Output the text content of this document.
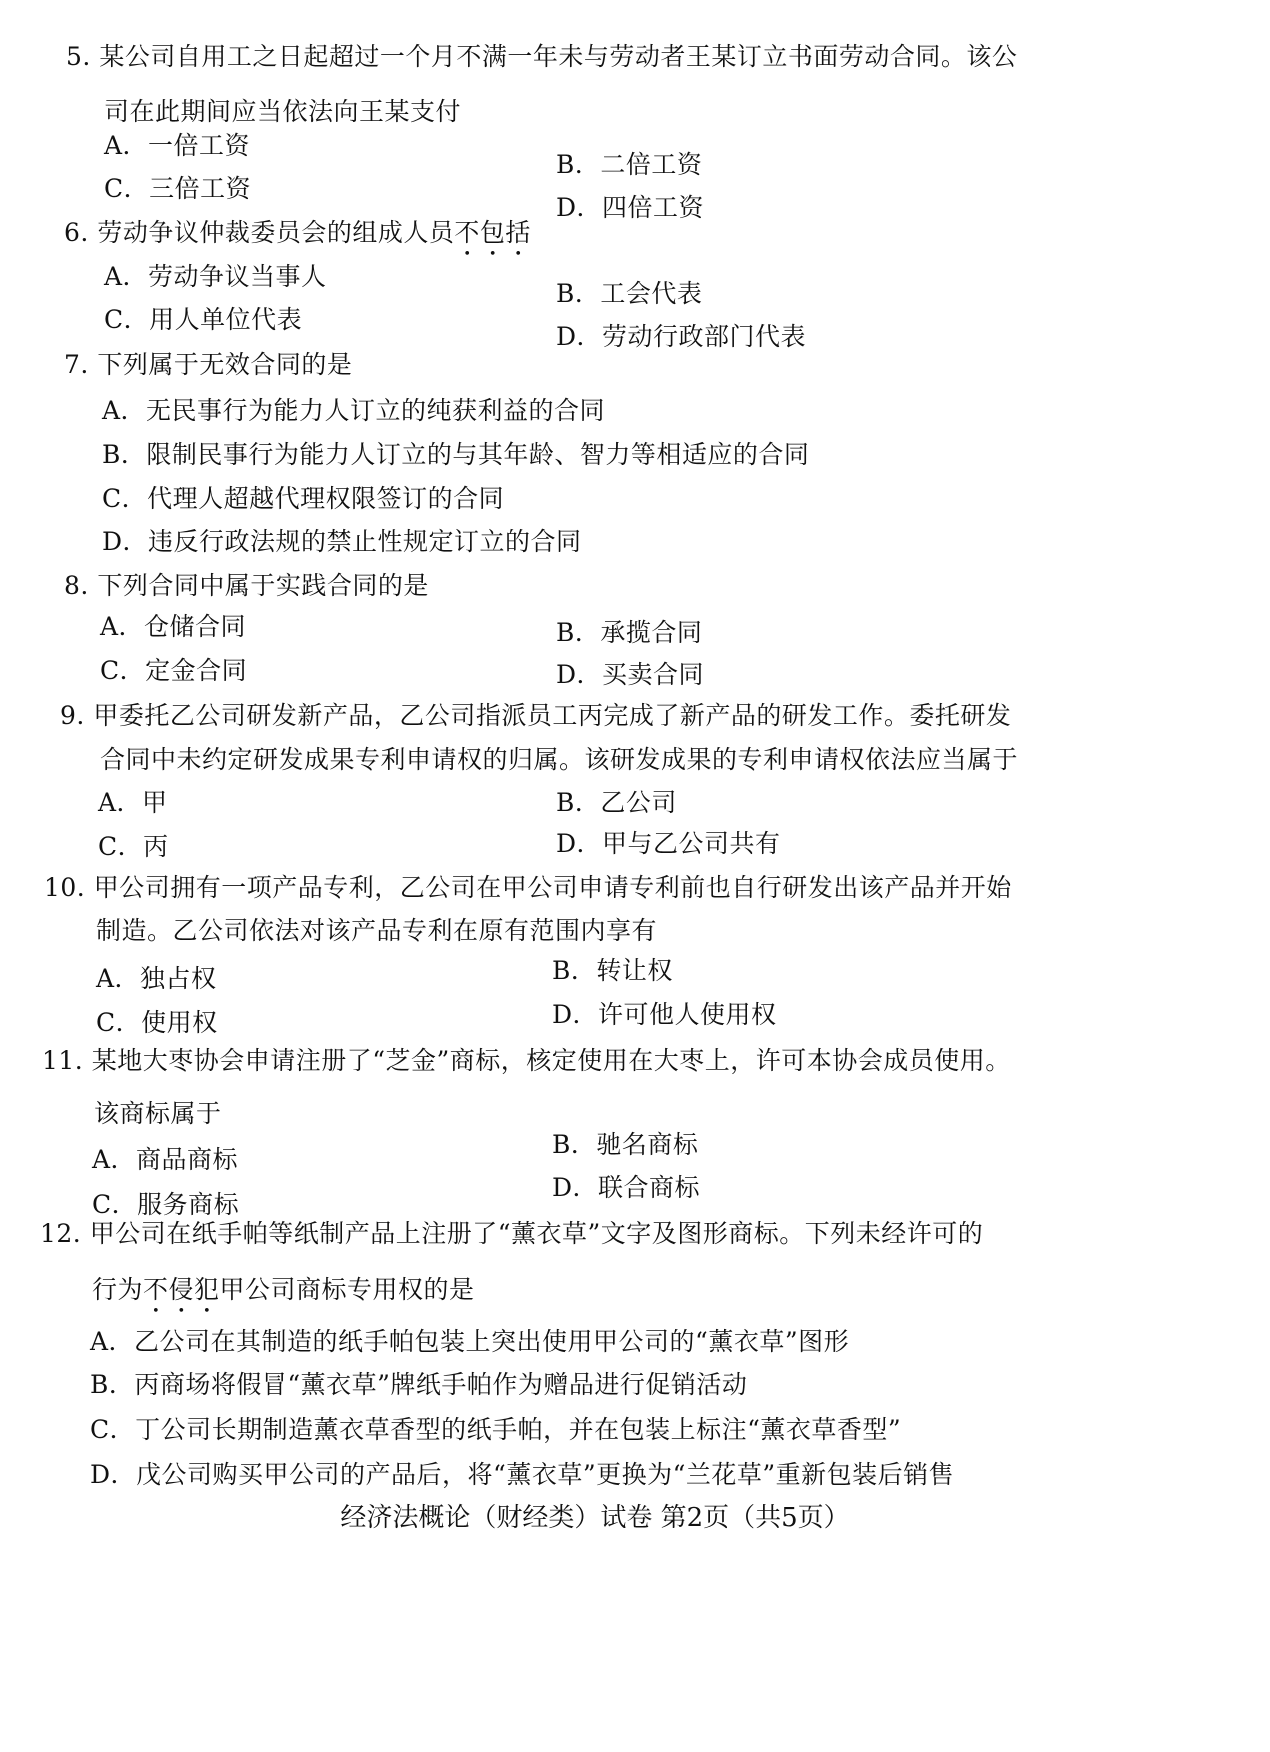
5. 某公司自用工之日起超过一个月不满一年未与劳动者王某订立书面劳动合同。该公
司在此期间应当依法向王某支付
A．一倍工资
B．二倍工资
C．三倍工资
D．四倍工资
6. 劳动争议仲裁委员会的组成人员不包括
A．劳动争议当事人
B．工会代表
C．用人单位代表
D．劳动行政部门代表
7. 下列属于无效合同的是
A．无民事行为能力人订立的纯获利益的合同
B．限制民事行为能力人订立的与其年龄、智力等相适应的合同
C．代理人超越代理权限签订的合同
D．违反行政法规的禁止性规定订立的合同
8. 下列合同中属于实践合同的是
A．仓储合同	B．承揽合同
C．定金合同	D．买卖合同
9. 甲委托乙公司研发新产品，乙公司指派员工丙完成了新产品的研发工作。委托研发
合同中未约定研发成果专利申请权的归属。该研发成果的专利申请权依法应当属于
A．甲	B．乙公司
C．丙	D．甲与乙公司共有
10. 甲公司拥有一项产品专利，乙公司在甲公司申请专利前也自行研发出该产品并开始
制造。乙公司依法对该产品专利在原有范围内享有
A．独占权	B．转让权
C．使用权	D．许可他人使用权
11. 某地大枣协会申请注册了“芝金”商标，核定使用在大枣上，许可本协会成员使用。
该商标属于
A．商品商标
B．驰名商标
C．服务商标
D．联合商标
12. 甲公司在纸手帕等纸制产品上注册了“薰衣草”文字及图形商标。下列未经许可的
行为不侵犯甲公司商标专用权的是
A．乙公司在其制造的纸手帕包装上突出使用甲公司的“薰衣草”图形
B．丙商场将假冒“薰衣草”牌纸手帕作为赠品进行促销活动
C．丁公司长期制造薰衣草香型的纸手帕，并在包装上标注“薰衣草香型”
D．戊公司购买甲公司的产品后，将“薰衣草”更换为“兰花草”重新包装后销售
经济法概论（财经类）试卷 第2页（共5页）
